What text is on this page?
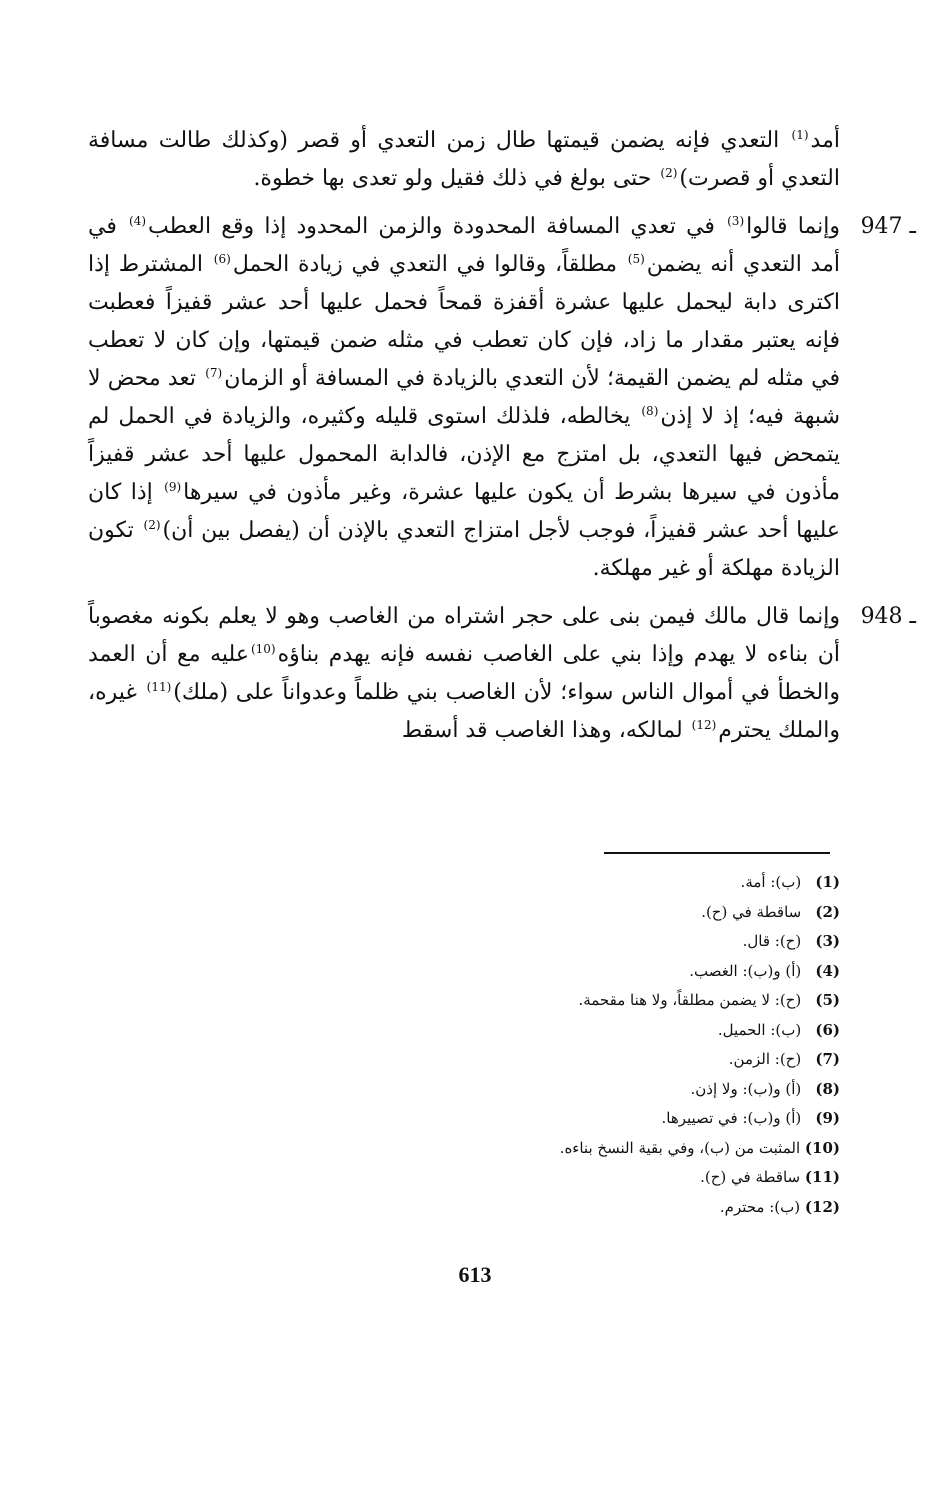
أمد$^{(1)}$ التعدي فإنه يضمن قيمتها طال زمن التعدي أو قصر (وكذلك طالت مسافة التعدي أو قصرت)$^{(2)}$ حتى بولغ في ذلك فقيل ولو تعدى بها خطوة.

947 ـ
وإنما قالوا$^{(3)}$ في تعدي المسافة المحدودة والزمن المحدود إذا وقع العطب$^{(4)}$ في أمد التعدي أنه يضمن$^{(5)}$ مطلقاً، وقالوا في التعدي في زيادة الحمل$^{(6)}$ المشترط إذا اكترى دابة ليحمل عليها عشرة أقفزة قمحاً فحمل عليها أحد عشر قفيزاً فعطبت فإنه يعتبر مقدار ما زاد، فإن كان تعطب في مثله ضمن قيمتها، وإن كان لا تعطب في مثله لم يضمن القيمة؛ لأن التعدي بالزيادة في المسافة أو الزمان$^{(7)}$ تعد محض لا شبهة فيه؛ إذ لا إذن$^{(8)}$ يخالطه، فلذلك استوى قليله وكثيره، والزيادة في الحمل لم يتمحض فيها التعدي، بل امتزج مع الإذن، فالدابة المحمول عليها أحد عشر قفيزاً مأذون في سيرها بشرط أن يكون عليها عشرة، وغير مأذون في سيرها$^{(9)}$ إذا كان عليها أحد عشر قفيزاً، فوجب لأجل امتزاج التعدي بالإذن أن (يفصل بين أن)$^{(2)}$ تكون الزيادة مهلكة أو غير مهلكة.

948 ـ
وإنما قال مالك فيمن بنى على حجر اشتراه من الغاصب وهو لا يعلم بكونه مغصوباً أن بناءه لا يهدم وإذا بني على الغاصب نفسه فإنه يهدم بناؤه$^{(10)}$عليه مع أن العمد والخطأ في أموال الناس سواء؛ لأن الغاصب بني ظلماً وعدواناً على (ملك)$^{(11)}$ غيره، والملك يحترم$^{(12)}$ لمالكه، وهذا الغاصب قد أسقط

(1) (ب): أمة.
(2) ساقطة في (ح).
(3) (ح): قال.
(4) (أ) و(ب): الغصب.
(5) (ح): لا يضمن مطلقاً، ولا هنا مقحمة.
(6) (ب): الحميل.
(7) (ح): الزمن.
(8) (أ) و(ب): ولا إذن.
(9) (أ) و(ب): في تصييرها.
(10) المثبت من (ب)، وفي بقية النسخ بناءه.
(11) ساقطة في (ح).
(12) (ب): محترم.
613
